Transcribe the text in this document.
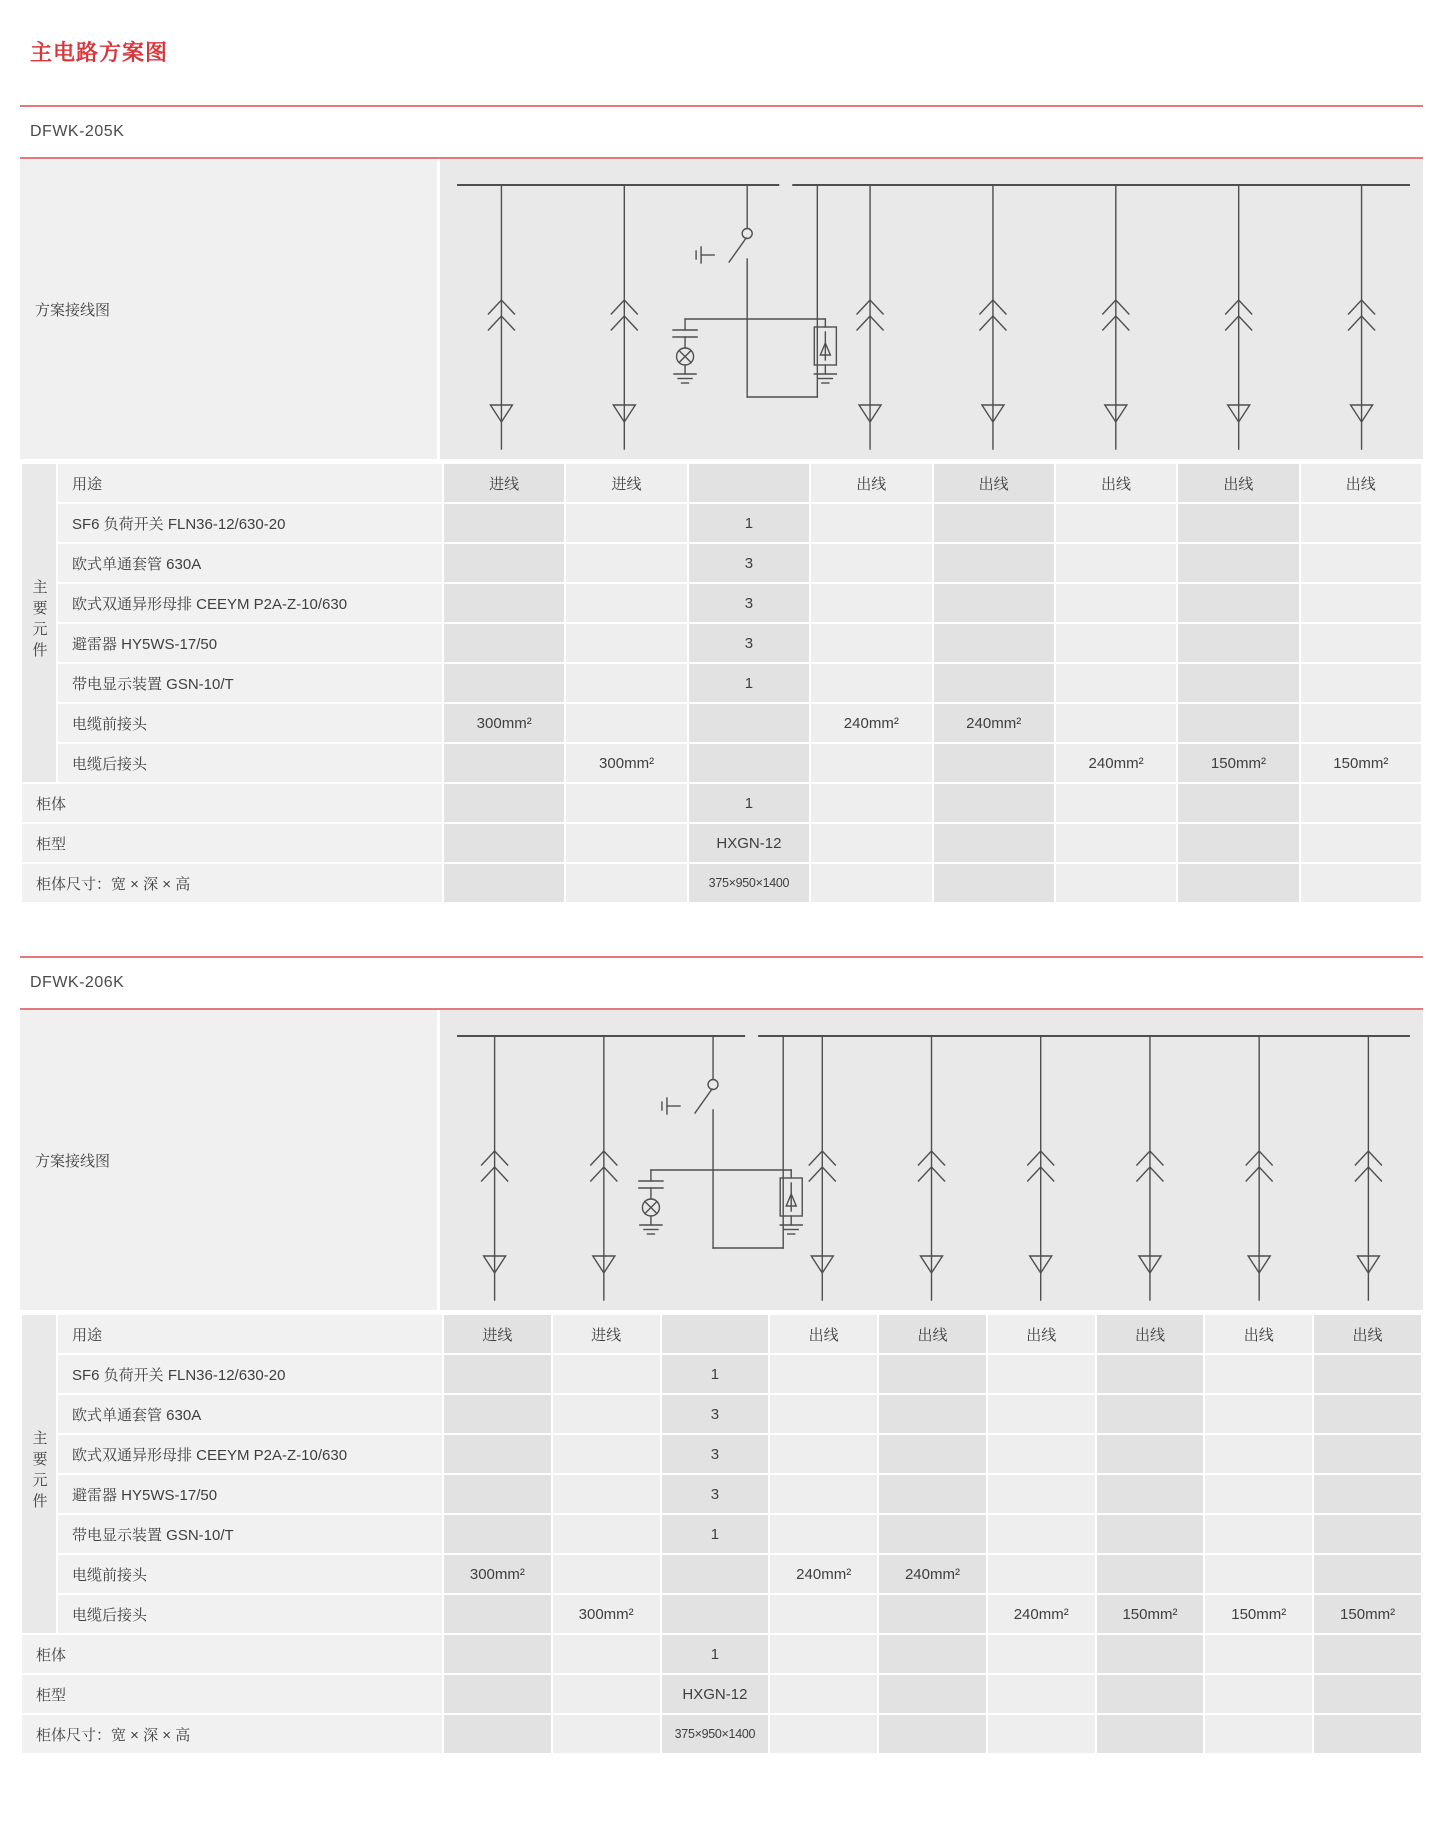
主电路方案图
DFWK-205K
方案接线图
主要元件	用途	进线	进线		出线	出线	出线	出线	出线
	SF6 负荷开关 FLN36-12/630-20			1					
	欧式单通套管 630A			3					
	欧式双通异形母排 CEEYM P2A-Z-10/630			3					
	避雷器 HY5WS-17/50			3					
	带电显示装置 GSN-10/T			1					
	电缆前接头	300mm²			240mm²	240mm²			
	电缆后接头		300mm²				240mm²	150mm²	150mm²
柜体				1					
柜型				HXGN-12					
柜体尺寸：宽 × 深 × 高				375×950×1400					
DFWK-206K
方案接线图
主要元件	用途	进线	进线		出线	出线	出线	出线	出线	出线
	SF6 负荷开关 FLN36-12/630-20			1						
	欧式单通套管 630A			3						
	欧式双通异形母排 CEEYM P2A-Z-10/630			3						
	避雷器 HY5WS-17/50			3						
	带电显示装置 GSN-10/T			1						
	电缆前接头	300mm²			240mm²	240mm²				
	电缆后接头		300mm²				240mm²	150mm²	150mm²	150mm²
柜体				1						
柜型				HXGN-12						
柜体尺寸：宽 × 深 × 高				375×950×1400						
